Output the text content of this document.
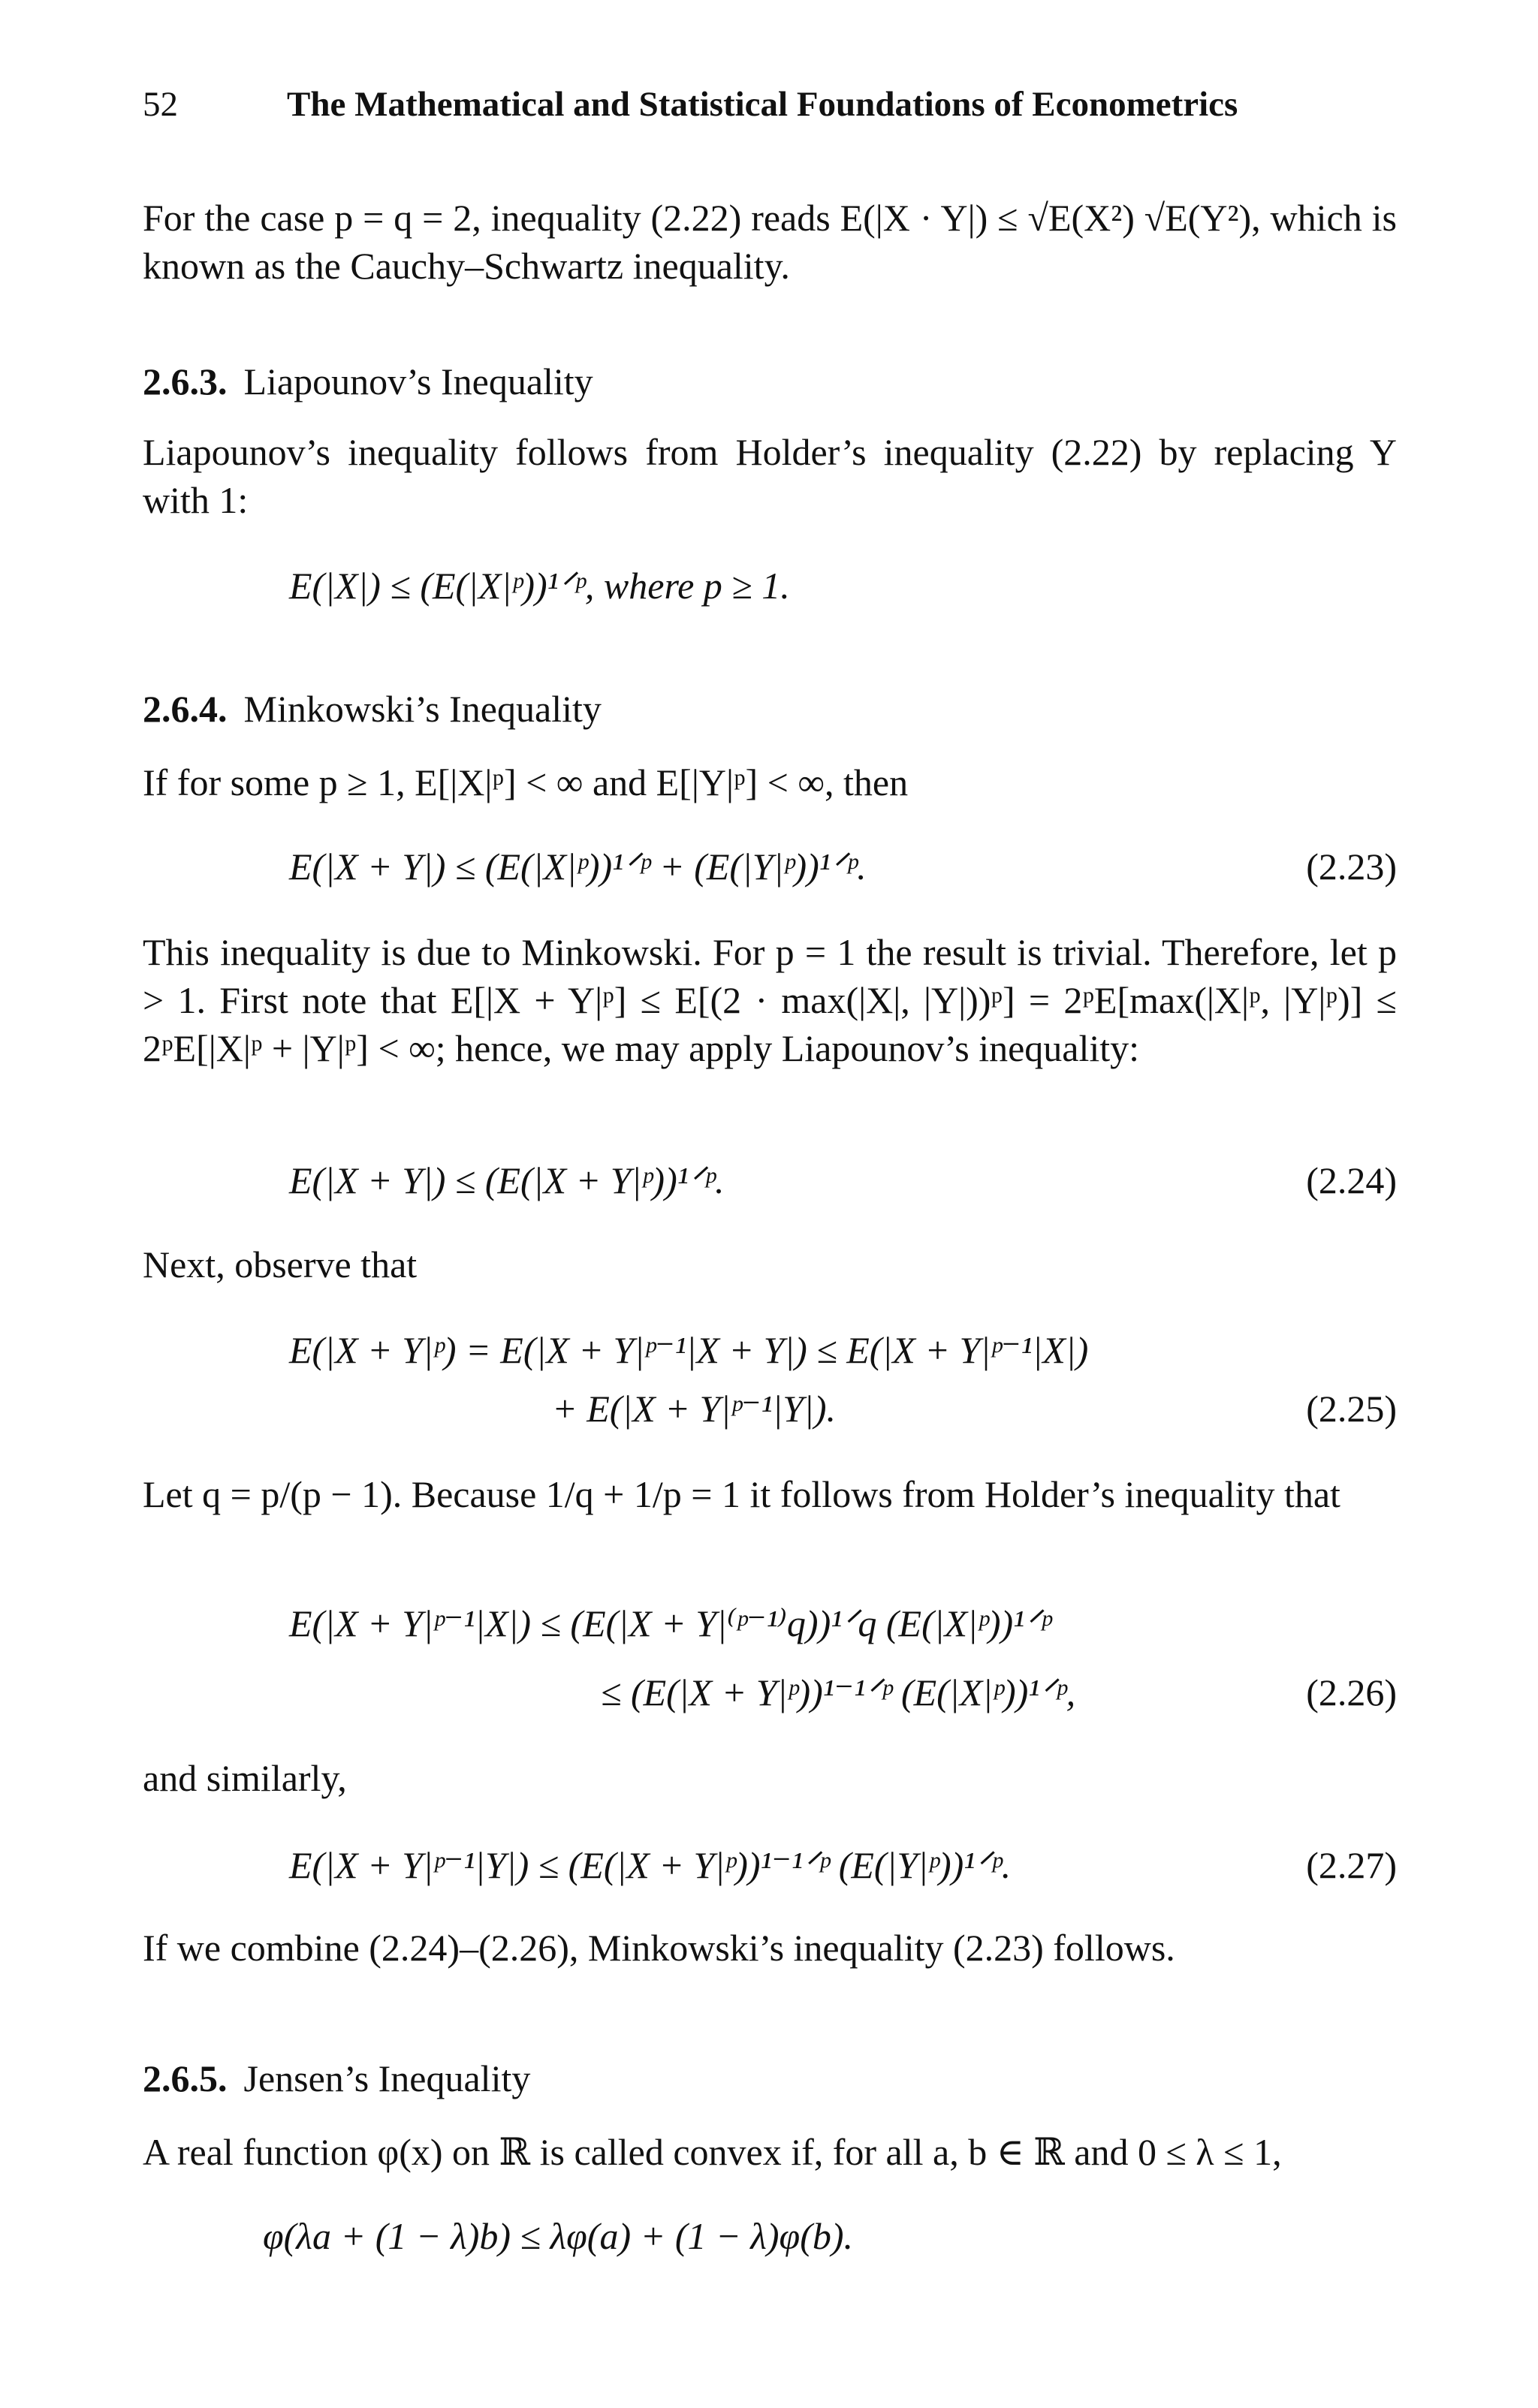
52	The Mathematical and Statistical Foundations of Econometrics
For the case p = q = 2, inequality (2.22) reads E(|X · Y|) ≤ √E(X²) √E(Y²), which is known as the Cauchy–Schwartz inequality.
2.6.3. Liapounov’s Inequality
Liapounov’s inequality follows from Holder’s inequality (2.22) by replacing Y with 1:
E(|X|) ≤ (E(|X|ᵖ))¹ᐟᵖ, where p ≥ 1.
2.6.4. Minkowski’s Inequality
If for some p ≥ 1, E[|X|ᵖ] < ∞ and E[|Y|ᵖ] < ∞, then
E(|X + Y|) ≤ (E(|X|ᵖ))¹ᐟᵖ + (E(|Y|ᵖ))¹ᐟᵖ.	(2.23)
This inequality is due to Minkowski. For p = 1 the result is trivial. Therefore, let p > 1. First note that E[|X + Y|ᵖ] ≤ E[(2 · max(|X|, |Y|))ᵖ] = 2ᵖE[max(|X|ᵖ, |Y|ᵖ)] ≤ 2ᵖE[|X|ᵖ + |Y|ᵖ] < ∞; hence, we may apply Liapounov’s inequality:
E(|X + Y|) ≤ (E(|X + Y|ᵖ))¹ᐟᵖ.	(2.24)
Next, observe that
E(|X + Y|ᵖ) = E(|X + Y|ᵖ⁻¹|X + Y|) ≤ E(|X + Y|ᵖ⁻¹|X|)
+ E(|X + Y|ᵖ⁻¹|Y|).	(2.25)
Let q = p/(p − 1). Because 1/q + 1/p = 1 it follows from Holder’s inequality that
E(|X + Y|ᵖ⁻¹|X|) ≤ (E(|X + Y|⁽ᵖ⁻¹⁾q))¹ᐟq (E(|X|ᵖ))¹ᐟᵖ
≤ (E(|X + Y|ᵖ))¹⁻¹ᐟᵖ (E(|X|ᵖ))¹ᐟᵖ,	(2.26)
and similarly,
E(|X + Y|ᵖ⁻¹|Y|) ≤ (E(|X + Y|ᵖ))¹⁻¹ᐟᵖ (E(|Y|ᵖ))¹ᐟᵖ.	(2.27)
If we combine (2.24)–(2.26), Minkowski’s inequality (2.23) follows.
2.6.5. Jensen’s Inequality
A real function φ(x) on ℝ is called convex if, for all a, b ∈ ℝ and 0 ≤ λ ≤ 1,
φ(λa + (1 − λ)b) ≤ λφ(a) + (1 − λ)φ(b).
